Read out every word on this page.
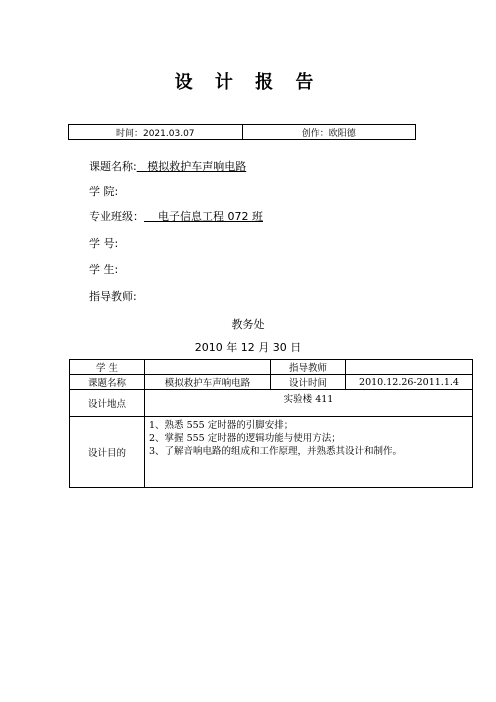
设 计 报 告
时间：2021.03.07	创作：欧阳德
课题名称: 模拟救护车声响电路
学 院:
专业班级： 电子信息工程 072 班
学 号:
学 生:
指导教师:
教务处
2010 年 12 月 30 日
学 生		指导教师	
课题名称	模拟救护车声响电路	设计时间	2010.12.26-2011.1.4
设计地点	实验楼 411		
设计目的	1、熟悉 555 定时器的引脚安排；
2、掌握 555 定时器的逻辑功能与使用方法；
3、了解音响电路的组成和工作原理，并熟悉其设计和制作。		
